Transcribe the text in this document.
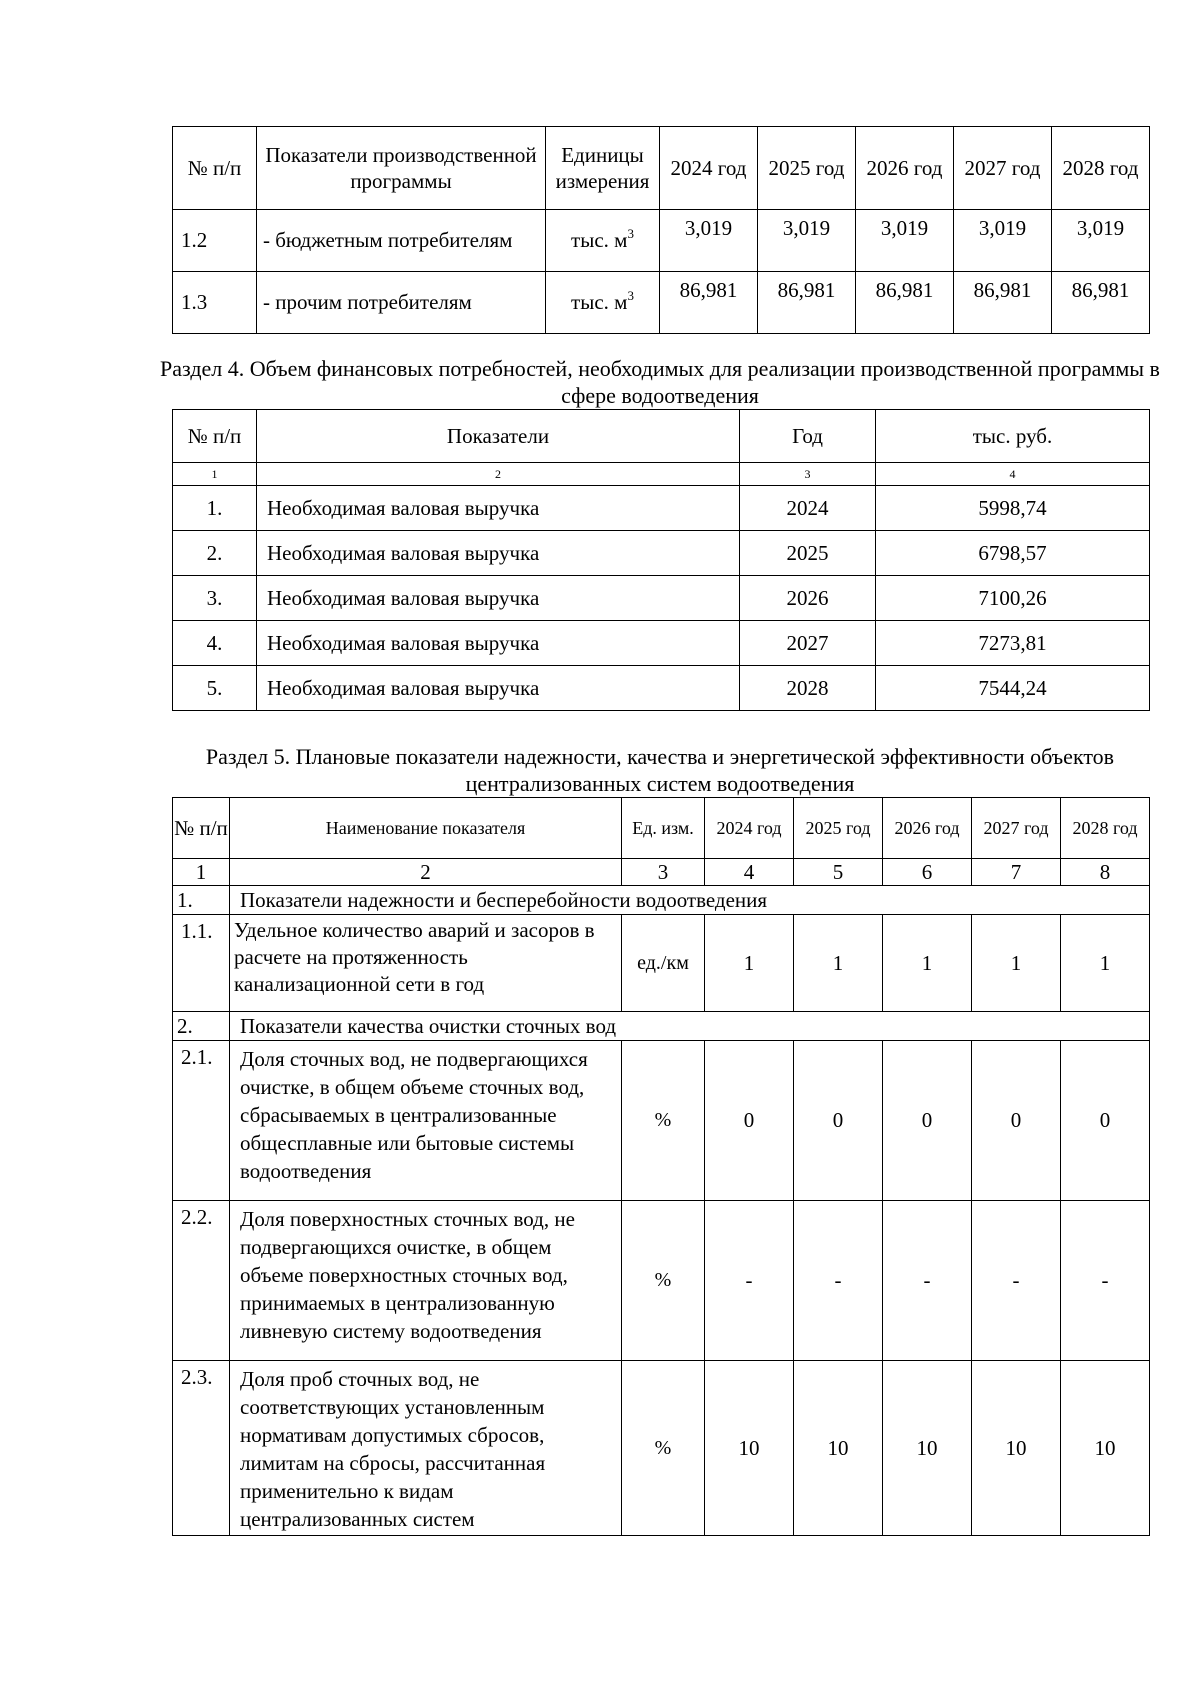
№ п/п	Показатели производственной программы	Единицы измерения	2024 год	2025 год	2026 год	2027 год	2028 год
1.2	- бюджетным потребителям	тыс. $м^3$	3,019	3,019	3,019	3,019	3,019
1.3	- прочим потребителям	тыс. $м^3$	86,981	86,981	86,981	86,981	86,981
Раздел 4. Объем финансовых потребностей, необходимых для реализации производственной программы в сфере водоотведения
№ п/п	Показатели	Год	тыс. руб.
1	2	3	4
1.	Необходимая валовая выручка	2024	5998,74
2.	Необходимая валовая выручка	2025	6798,57
3.	Необходимая валовая выручка	2026	7100,26
4.	Необходимая валовая выручка	2027	7273,81
5.	Необходимая валовая выручка	2028	7544,24
Раздел 5. Плановые показатели надежности, качества и энергетической эффективности объектов централизованных систем водоотведения
№ п/п	Наименование показателя	Ед. изм.	2024 год	2025 год	2026 год	2027 год	2028 год
1	2	3	4	5	6	7	8
1.	Показатели надежности и бесперебойности водоотведения						
1.1.	Удельное количество аварий и засоров в расчете на протяженность канализационной сети в год	ед./км	1	1	1	1	1
2.	Показатели качества очистки сточных вод						
2.1.	Доля сточных вод, не подвергающихся очистке, в общем объеме сточных вод, сбрасываемых в централизованные общесплавные или бытовые системы водоотведения	%	0	0	0	0	0
2.2.	Доля поверхностных сточных вод, не подвергающихся очистке, в общем объеме поверхностных сточных вод, принимаемых в централизованную ливневую систему водоотведения	%	-	-	-	-	-
2.3.	Доля проб сточных вод, не соответствующих установленным нормативам допустимых сбросов, лимитам на сбросы, рассчитанная применительно к видам централизованных систем	%	10	10	10	10	10
